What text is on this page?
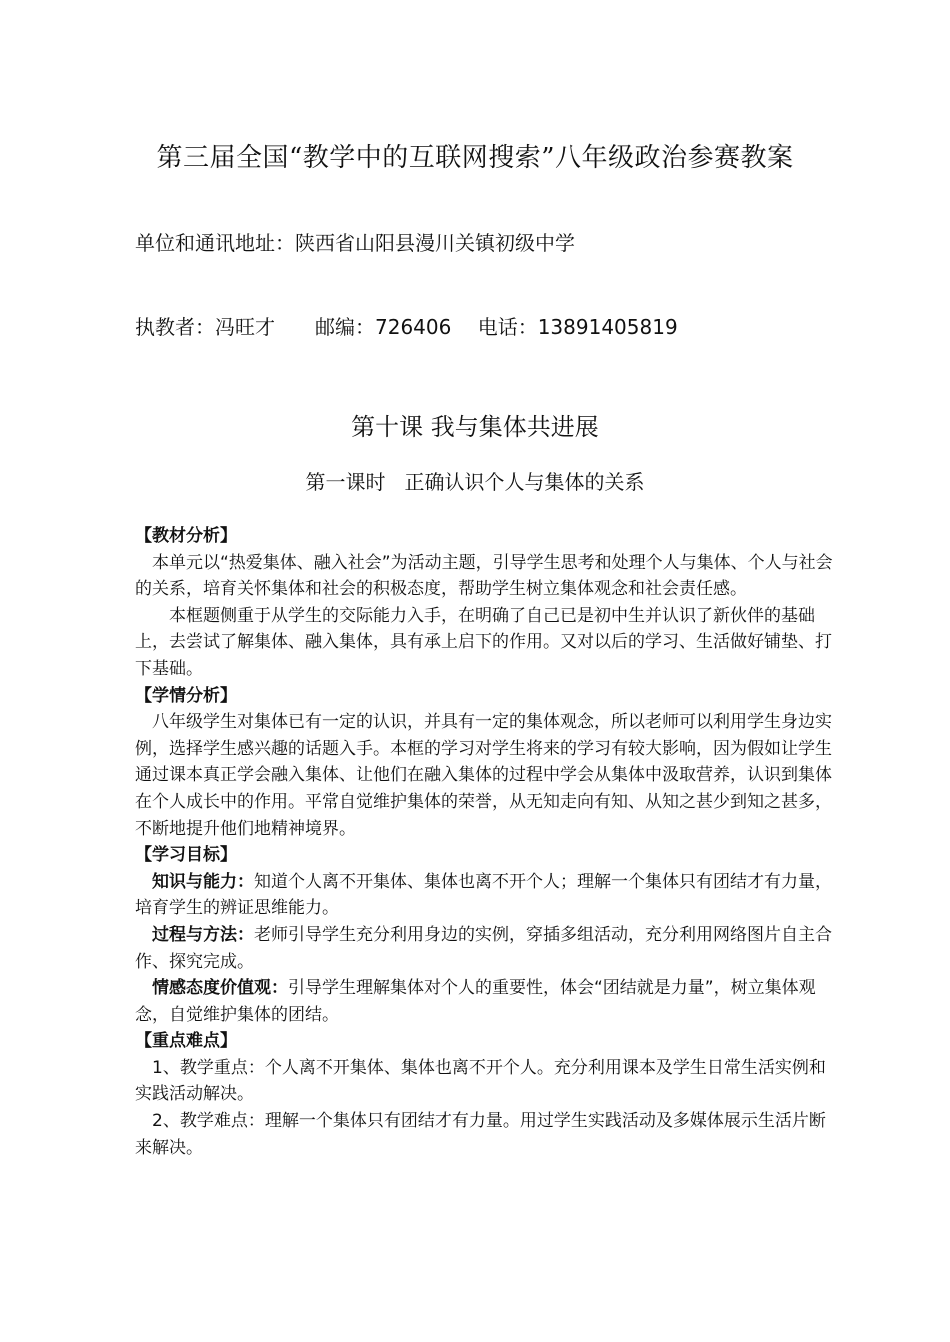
第三届全国“教学中的互联网搜索”八年级政治参赛教案
单位和通讯地址：陕西省山阳县漫川关镇初级中学
执教者：冯旺才　　邮编：726406　 电话：13891405819
第十课 我与集体共进展
第一课时   正确认识个人与集体的关系

【教材分析】

本单元以“热爱集体、融入社会”为活动主题，引导学生思考和处理个人与集体、个人与社会的关系，培育关怀集体和社会的积极态度，帮助学生树立集体观念和社会责任感。

本框题侧重于从学生的交际能力入手，在明确了自己已是初中生并认识了新伙伴的基础上，去尝试了解集体、融入集体，具有承上启下的作用。又对以后的学习、生活做好铺垫、打下基础。

【学情分析】

八年级学生对集体已有一定的认识，并具有一定的集体观念，所以老师可以利用学生身边实例，选择学生感兴趣的话题入手。本框的学习对学生将来的学习有较大影响，因为假如让学生通过课本真正学会融入集体、让他们在融入集体的过程中学会从集体中汲取营养，认识到集体在个人成长中的作用。平常自觉维护集体的荣誉，从无知走向有知、从知之甚少到知之甚多，不断地提升他们地精神境界。

【学习目标】

知识与能力：知道个人离不开集体、集体也离不开个人；理解一个集体只有团结才有力量，培育学生的辨证思维能力。

过程与方法：老师引导学生充分利用身边的实例，穿插多组活动，充分利用网络图片自主合作、探究完成。

情感态度价值观：引导学生理解集体对个人的重要性，体会“团结就是力量”，树立集体观念，自觉维护集体的团结。

【重点难点】

1、教学重点：个人离不开集体、集体也离不开个人。充分利用课本及学生日常生活实例和实践活动解决。

2、教学难点：理解一个集体只有团结才有力量。用过学生实践活动及多媒体展示生活片断来解决。
